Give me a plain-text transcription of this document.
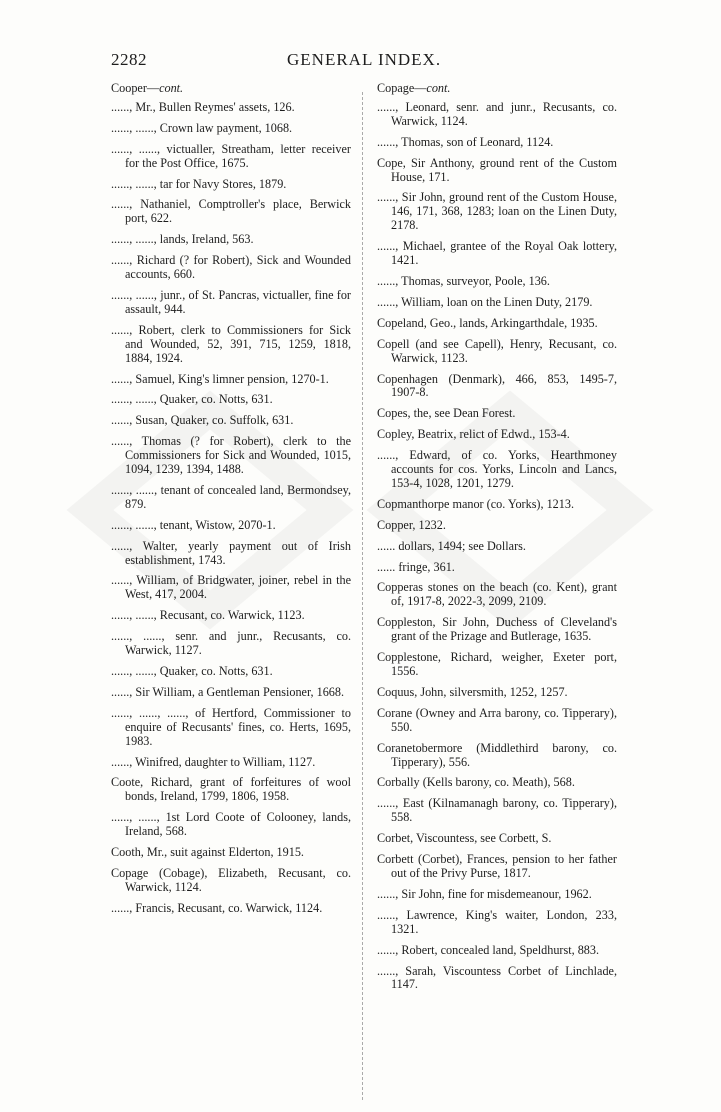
2282	GENERAL INDEX.
Cooper—cont.
......, Mr., Bullen Reymes' assets, 126.
......, ......, Crown law payment, 1068.
......, ......, victualler, Streatham, letter receiver for the Post Office, 1675.
......, ......, tar for Navy Stores, 1879.
......, Nathaniel, Comptroller's place, Berwick port, 622.
......, ......, lands, Ireland, 563.
......, Richard (? for Robert), Sick and Wounded accounts, 660.
......, ......, junr., of St. Pancras, victualler, fine for assault, 944.
......, Robert, clerk to Commissioners for Sick and Wounded, 52, 391, 715, 1259, 1818, 1884, 1924.
......, Samuel, King's limner pension, 1270-1.
......, ......, Quaker, co. Notts, 631.
......, Susan, Quaker, co. Suffolk, 631.
......, Thomas (? for Robert), clerk to the Commissioners for Sick and Wounded, 1015, 1094, 1239, 1394, 1488.
......, ......, tenant of concealed land, Bermondsey, 879.
......, ......, tenant, Wistow, 2070-1.
......, Walter, yearly payment out of Irish establishment, 1743.
......, William, of Bridgwater, joiner, rebel in the West, 417, 2004.
......, ......, Recusant, co. Warwick, 1123.
......, ......, senr. and junr., Recusants, co. Warwick, 1127.
......, ......, Quaker, co. Notts, 631.
......, Sir William, a Gentleman Pensioner, 1668.
......, ......, ......, of Hertford, Commissioner to enquire of Recusants' fines, co. Herts, 1695, 1983.
......, Winifred, daughter to William, 1127.
Coote, Richard, grant of forfeitures of wool bonds, Ireland, 1799, 1806, 1958.
......, ......, 1st Lord Coote of Colooney, lands, Ireland, 568.
Cooth, Mr., suit against Elderton, 1915.
Copage (Cobage), Elizabeth, Recusant, co. Warwick, 1124.
......, Francis, Recusant, co. Warwick, 1124.
Copage—cont.
......, Leonard, senr. and junr., Recusants, co. Warwick, 1124.
......, Thomas, son of Leonard, 1124.
Cope, Sir Anthony, ground rent of the Custom House, 171.
......, Sir John, ground rent of the Custom House, 146, 171, 368, 1283; loan on the Linen Duty, 2178.
......, Michael, grantee of the Royal Oak lottery, 1421.
......, Thomas, surveyor, Poole, 136.
......, William, loan on the Linen Duty, 2179.
Copeland, Geo., lands, Arkingarthdale, 1935.
Copell (and see Capell), Henry, Recusant, co. Warwick, 1123.
Copenhagen (Denmark), 466, 853, 1495-7, 1907-8.
Copes, the, see Dean Forest.
Copley, Beatrix, relict of Edwd., 153-4.
......, Edward, of co. Yorks, Hearthmoney accounts for cos. Yorks, Lincoln and Lancs, 153-4, 1028, 1201, 1279.
Copmanthorpe manor (co. Yorks), 1213.
Copper, 1232.
...... dollars, 1494; see Dollars.
...... fringe, 361.
Copperas stones on the beach (co. Kent), grant of, 1917-8, 2022-3, 2099, 2109.
Coppleston, Sir John, Duchess of Cleveland's grant of the Prizage and Butlerage, 1635.
Copplestone, Richard, weigher, Exeter port, 1556.
Coquus, John, silversmith, 1252, 1257.
Corane (Owney and Arra barony, co. Tipperary), 550.
Coranetobermore (Middlethird barony, co. Tipperary), 556.
Corbally (Kells barony, co. Meath), 568.
......, East (Kilnamanagh barony, co. Tipperary), 558.
Corbet, Viscountess, see Corbett, S.
Corbett (Corbet), Frances, pension to her father out of the Privy Purse, 1817.
......, Sir John, fine for misdemeanour, 1962.
......, Lawrence, King's waiter, London, 233, 1321.
......, Robert, concealed land, Speldhurst, 883.
......, Sarah, Viscountess Corbet of Linchlade, 1147.
